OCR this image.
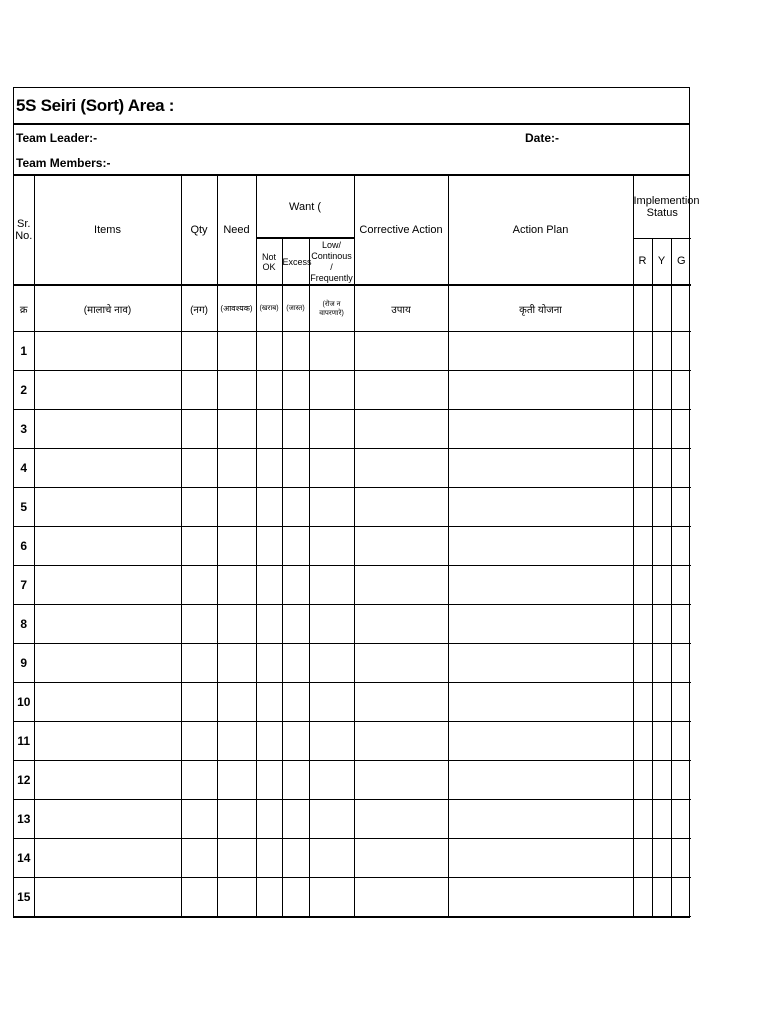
5S Seiri (Sort) Area :
Team Leader:-	Date:-
Team Members:-
Sr. No.	Items	Qty	Need	Want (			Corrective Action	Action Plan	Implemention Status		
				Not OK	Excess	Low/ Continous / Frequently			R	Y	G
क्र	(मालाचे नाव)	(नग)	(आवश्यक)	(खराब)	(जास्त)	(रोज न वापरणारे)	उपाय	कृती योजना			
1											
2											
3											
4											
5											
6											
7											
8											
9											
10											
11											
12											
13											
14											
15											
